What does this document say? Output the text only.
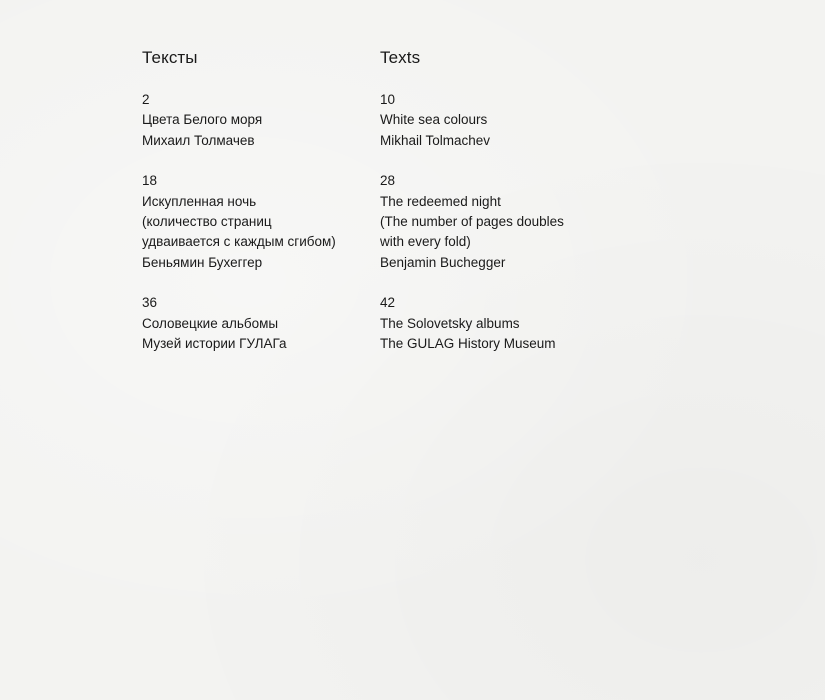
Тексты
2
Цвета Белого моря
Михаил Толмачев
18
Искупленная ночь
(количество страниц
удваивается с каждым сгибом)
Беньямин Бухеггер
36
Соловецкие альбомы
Музей истории ГУЛАГа
Texts
10
White sea colours
Mikhail Tolmachev
28
The redeemed night
(The number of pages doubles
with every fold)
Benjamin Buchegger
42
The Solovetsky albums
The GULAG History Museum
